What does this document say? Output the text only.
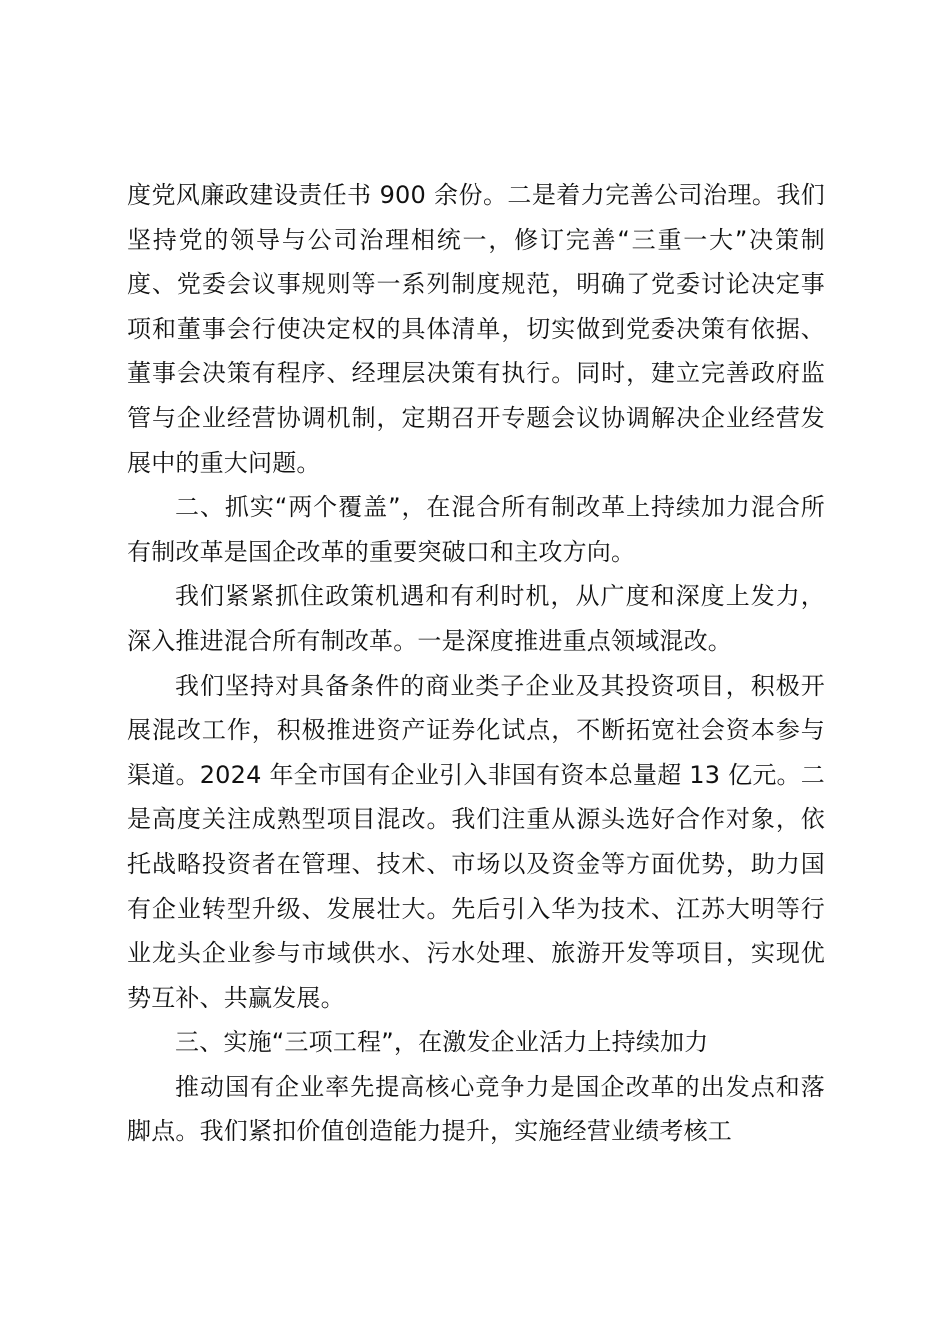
度党风廉政建设责任书 900 余份。二是着力完善公司治理。我们坚持党的领导与公司治理相统一，修订完善“三重一大”决策制度、党委会议事规则等一系列制度规范，明确了党委讨论决定事项和董事会行使决定权的具体清单，切实做到党委决策有依据、董事会决策有程序、经理层决策有执行。同时，建立完善政府监管与企业经营协调机制，定期召开专题会议协调解决企业经营发展中的重大问题。

二、抓实“两个覆盖”，在混合所有制改革上持续加力混合所有制改革是国企改革的重要突破口和主攻方向。

我们紧紧抓住政策机遇和有利时机，从广度和深度上发力，深入推进混合所有制改革。一是深度推进重点领域混改。

我们坚持对具备条件的商业类子企业及其投资项目，积极开展混改工作，积极推进资产证券化试点，不断拓宽社会资本参与渠道。2024 年全市国有企业引入非国有资本总量超 13 亿元。二是高度关注成熟型项目混改。我们注重从源头选好合作对象，依托战略投资者在管理、技术、市场以及资金等方面优势，助力国有企业转型升级、发展壮大。先后引入华为技术、江苏大明等行业龙头企业参与市域供水、污水处理、旅游开发等项目，实现优势互补、共赢发展。

三、实施“三项工程”，在激发企业活力上持续加力

推动国有企业率先提高核心竞争力是国企改革的出发点和落脚点。我们紧扣价值创造能力提升，实施经营业绩考核工
